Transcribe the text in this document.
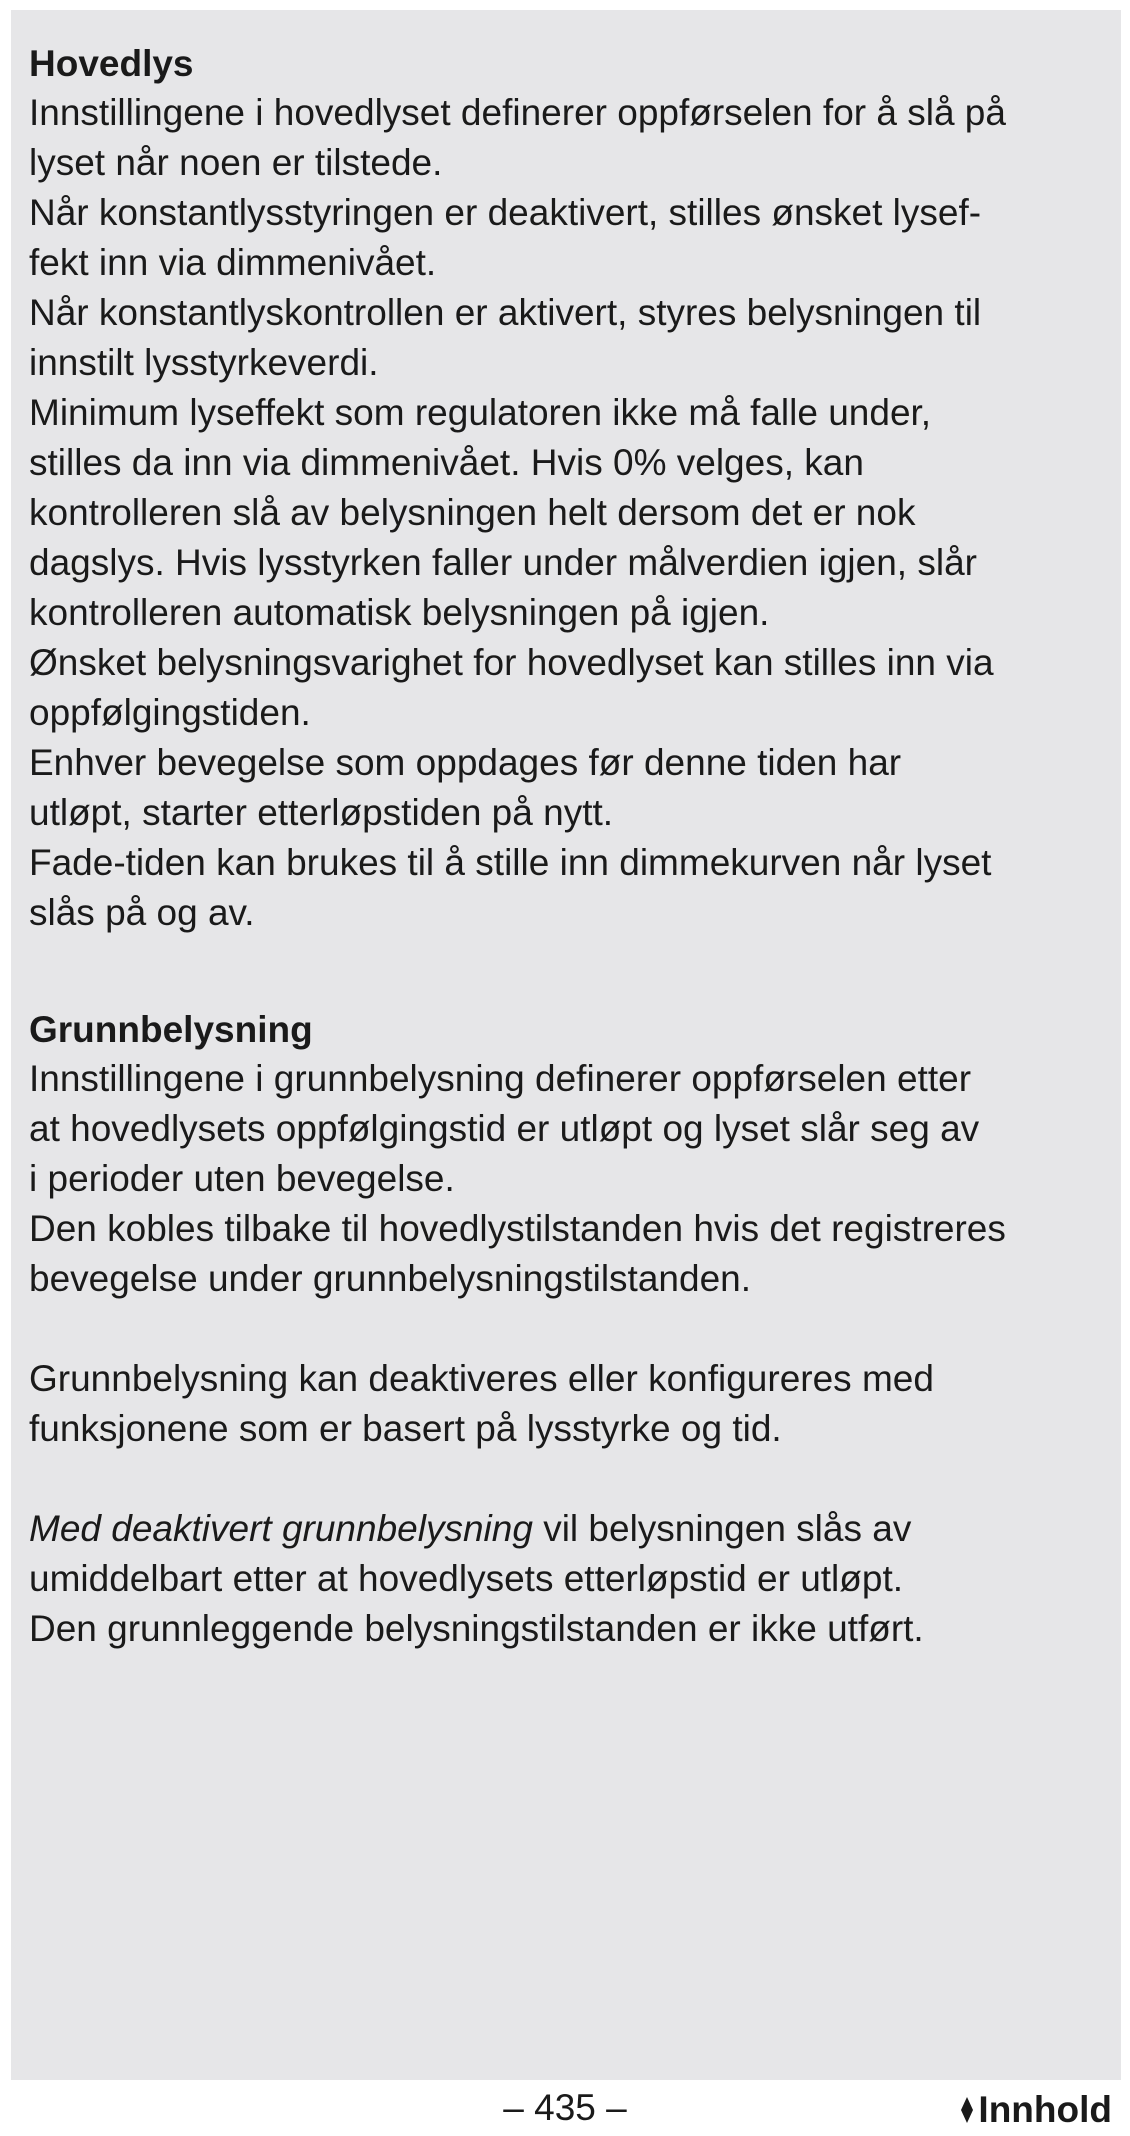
Hovedlys

Innstillingene i hovedlyset definerer oppførselen for å slå på
lyset når noen er tilstede.

Når konstantlysstyringen er deaktivert, stilles ønsket lysef-
fekt inn via dimmenivået.

Når konstantlyskontrollen er aktivert, styres belysningen til
innstilt lysstyrkeverdi.

Minimum lyseffekt som regulatoren ikke må falle under,
stilles da inn via dimmenivået. Hvis 0% velges, kan
kontrolleren slå av belysningen helt dersom det er nok
dagslys. Hvis lysstyrken faller under målverdien igjen, slår
kontrolleren automatisk belysningen på igjen.

Ønsket belysningsvarighet for hovedlyset kan stilles inn via
oppfølgingstiden.

Enhver bevegelse som oppdages før denne tiden har
utløpt, starter etterløpstiden på nytt.

Fade-tiden kan brukes til å stille inn dimmekurven når lyset
slås på og av.

Grunnbelysning

Innstillingene i grunnbelysning definerer oppførselen etter
at hovedlysets oppfølgingstid er utløpt og lyset slår seg av
i perioder uten bevegelse.

Den kobles tilbake til hovedlystilstanden hvis det registreres
bevegelse under grunnbelysningstilstanden.

Grunnbelysning kan deaktiveres eller konfigureres med
funksjonene som er basert på lysstyrke og tid.

Med deaktivert grunnbelysning vil belysningen slås av
umiddelbart etter at hovedlysets etterløpstid er utløpt.

Den grunnleggende belysningstilstanden er ikke utført.

– 435 –	Innhold
